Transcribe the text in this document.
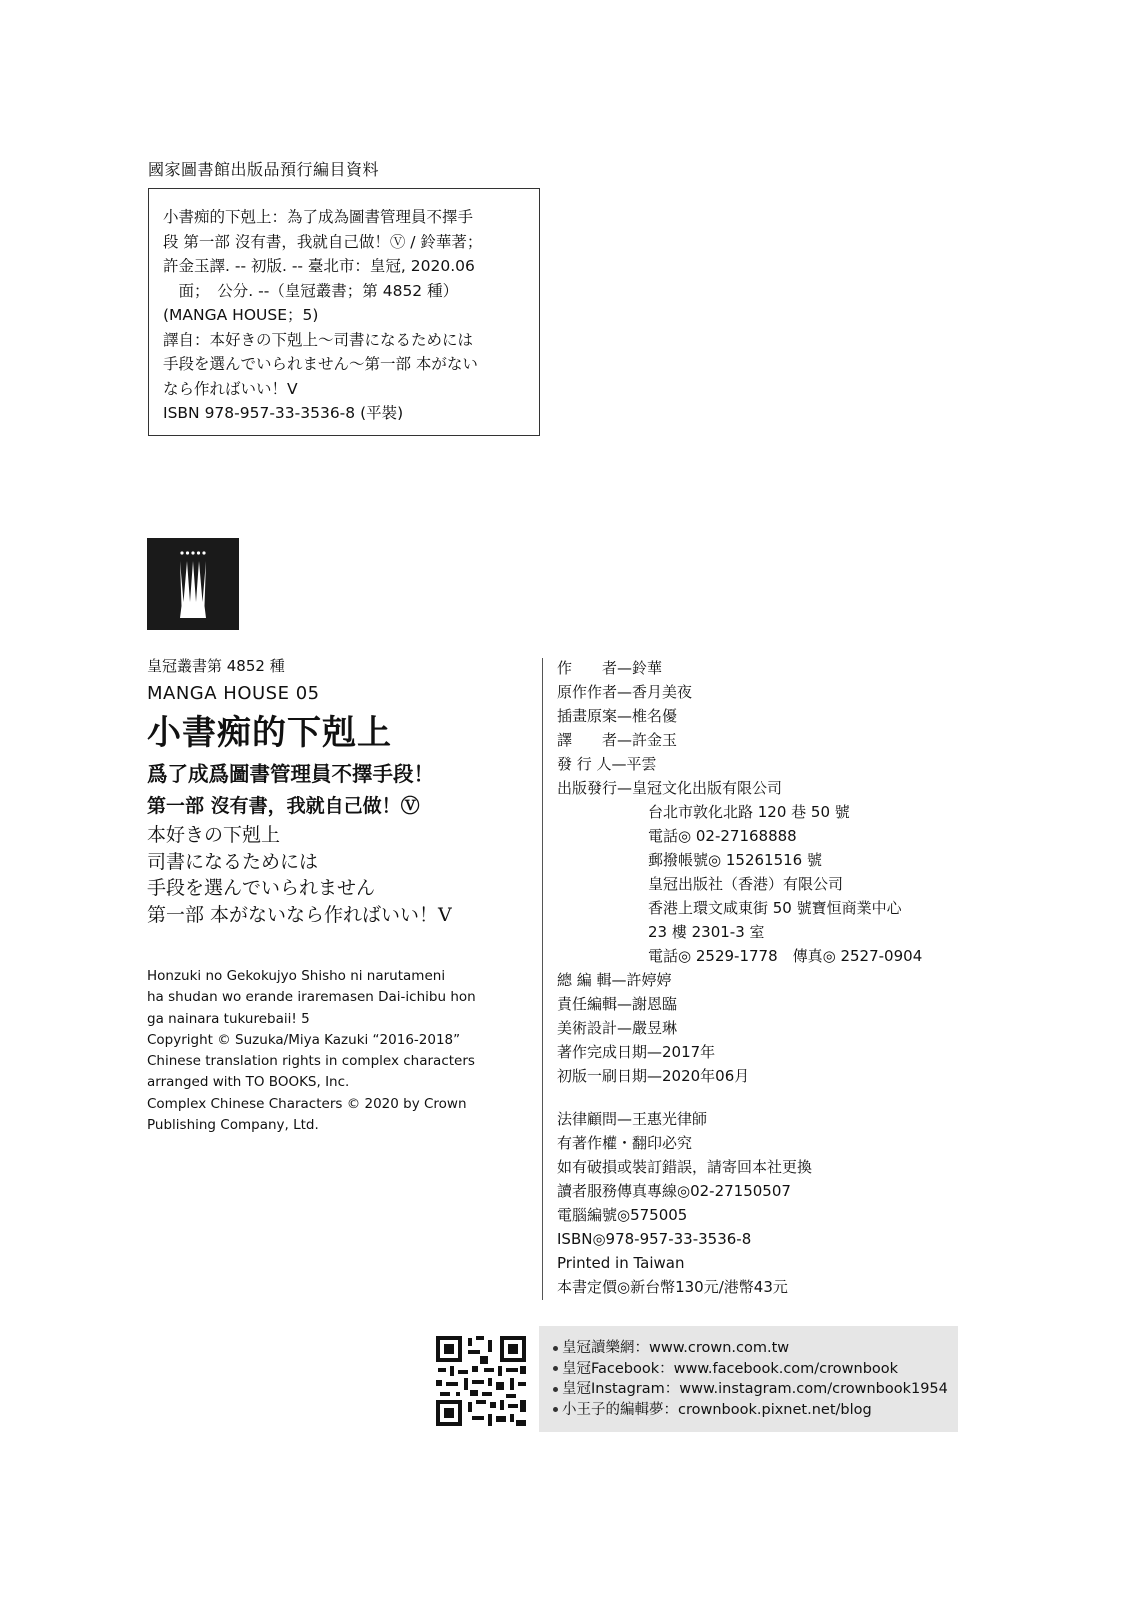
國家圖書館出版品預行編目資料
小書痴的下剋上：為了成為圖書管理員不擇手
段 第一部 沒有書，我就自己做！Ⓥ / 鈴華著；
許金玉譯. -- 初版. -- 臺北市：皇冠, 2020.06
　面；　公分. --（皇冠叢書；第 4852 種）
(MANGA HOUSE；5)
譯自：本好きの下剋上～司書になるためには
手段を選んでいられません～第一部 本がない
なら作ればいい！V
ISBN 978-957-33-3536-8 (平裝)
皇冠叢書第 4852 種
MANGA HOUSE 05
小書痴的下剋上
爲了成爲圖書管理員不擇手段！
第一部 沒有書，我就自己做！Ⓥ
本好きの下剋上
司書になるためには
手段を選んでいられません
第一部 本がないなら作ればいい！V
Honzuki no Gekokujyo Shisho ni narutameni
ha shudan wo erande iraremasen Dai-ichibu hon
ga nainara tukurebaii! 5
Copyright © Suzuka/Miya Kazuki “2016-2018”
Chinese translation rights in complex characters
arranged with TO BOOKS, Inc.
Complex Chinese Characters © 2020 by Crown
Publishing Company, Ltd.
作　　者—鈴華
原作作者—香月美夜
插畫原案—椎名優
譯　　者—許金玉
發 行 人—平雲
出版發行—皇冠文化出版有限公司
台北市敦化北路 120 巷 50 號
電話◎ 02-27168888
郵撥帳號◎ 15261516 號
皇冠出版社（香港）有限公司
香港上環文咸東街 50 號寶恒商業中心
23 樓 2301-3 室
電話◎ 2529-1778　傳真◎ 2527-0904
總 編 輯—許婷婷
責任編輯—謝恩臨
美術設計—嚴昱琳
著作完成日期—2017年
初版一刷日期—2020年06月
法律顧問—王惠光律師
有著作權・翻印必究
如有破損或裝訂錯誤，請寄回本社更換
讀者服務傳真專線◎02-27150507
電腦編號◎575005
ISBN◎978-957-33-3536-8
Printed in Taiwan
本書定價◎新台幣130元/港幣43元
皇冠讀樂網：www.crown.com.tw
皇冠Facebook：www.facebook.com/crownbook
皇冠Instagram：www.instagram.com/crownbook1954
小王子的編輯夢：crownbook.pixnet.net/blog
